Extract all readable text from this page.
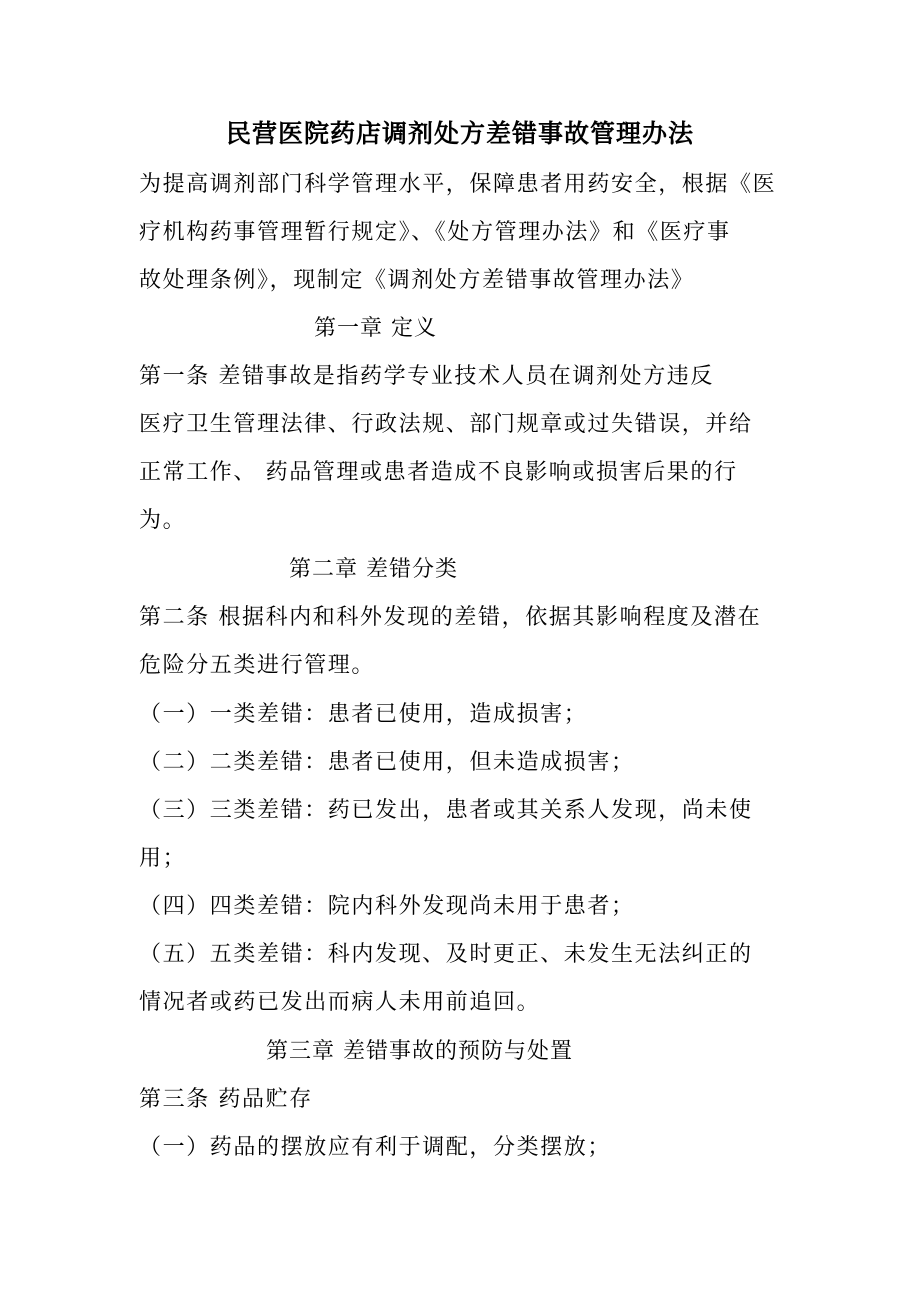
民营医院药店调剂处方差错事故管理办法
为提高调剂部门科学管理水平，保障患者用药安全，根据《医
疗机构药事管理暂行规定》、《处方管理办法》和《医疗事
故处理条例》，现制定《调剂处方差错事故管理办法》
第一章 定义
第一条 差错事故是指药学专业技术人员在调剂处方违反
医疗卫生管理法律、行政法规、部门规章或过失错误，并给
正常工作、 药品管理或患者造成不良影响或损害后果的行
为。
第二章 差错分类
第二条 根据科内和科外发现的差错，依据其影响程度及潜在
危险分五类进行管理。
（一）一类差错：患者已使用，造成损害；
（二）二类差错：患者已使用，但未造成损害；
（三）三类差错：药已发出，患者或其关系人发现，尚未使
用；
（四）四类差错：院内科外发现尚未用于患者；
（五）五类差错：科内发现、及时更正、未发生无法纠正的
情况者或药已发出而病人未用前追回。
第三章 差错事故的预防与处置
第三条 药品贮存
（一）药品的摆放应有利于调配，分类摆放；
